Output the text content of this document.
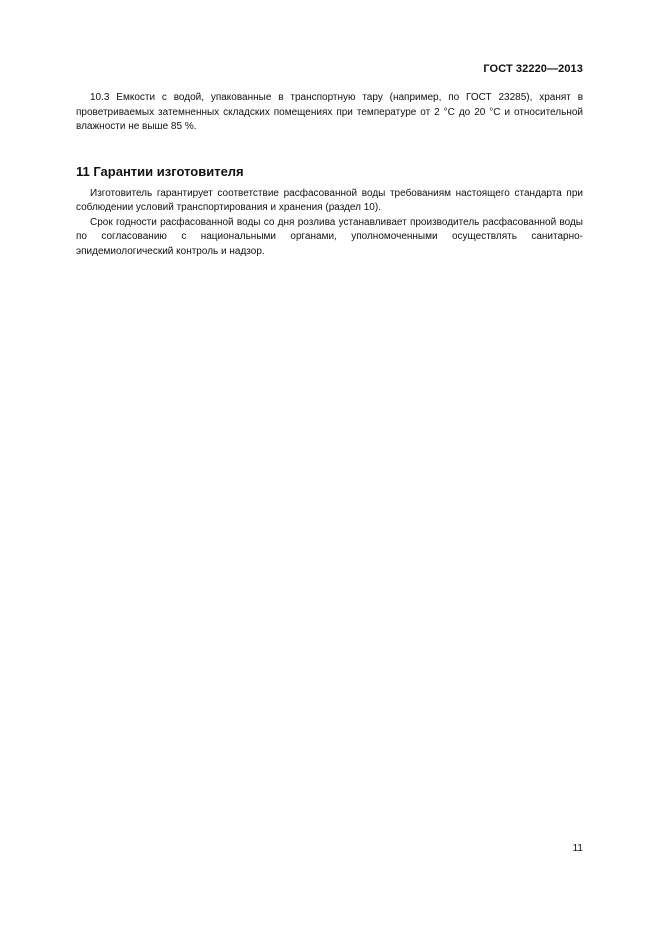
ГОСТ 32220—2013

10.3 Емкости с водой, упакованные в транспортную тару (например, по ГОСТ 23285), хранят в проветриваемых затемненных складских помещениях при температуре от 2 °С до 20 °С и относительной влажности не выше 85 %.

11 Гарантии изготовителя

Изготовитель гарантирует соответствие расфасованной воды требованиям настоящего стандарта при соблюдении условий транспортирования и хранения (раздел 10).

Срок годности расфасованной воды со дня розлива устанавливает производитель расфасованной воды по согласованию с национальными органами, уполномоченными осуществлять санитарно-эпидемиологический контроль и надзор.

11
